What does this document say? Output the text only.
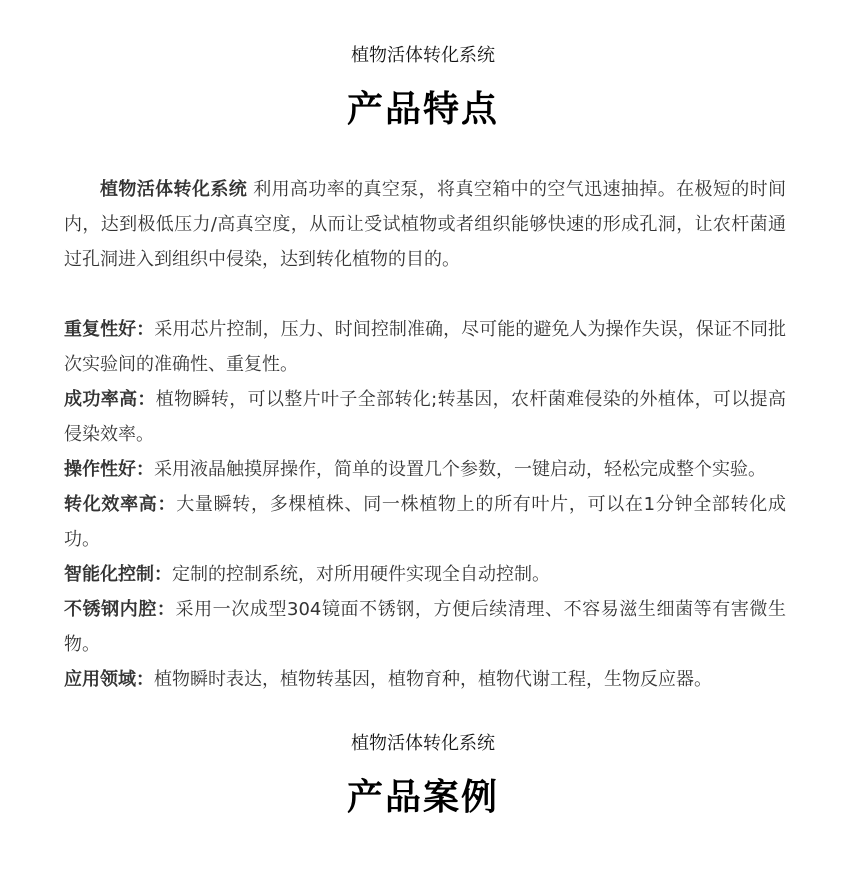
植物活体转化系统
产品特点

植物活体转化系统 利用高功率的真空泵，将真空箱中的空气迅速抽掉。在极短的时间内，达到极低压力/高真空度，从而让受试植物或者组织能够快速的形成孔洞，让农杆菌通过孔洞进入到组织中侵染，达到转化植物的目的。

重复性好：采用芯片控制，压力、时间控制准确，尽可能的避免人为操作失误，保证不同批次实验间的准确性、重复性。
成功率高：植物瞬转，可以整片叶子全部转化;转基因，农杆菌难侵染的外植体，可以提高侵染效率。
操作性好：采用液晶触摸屏操作，简单的设置几个参数，一键启动，轻松完成整个实验。
转化效率高：大量瞬转，多棵植株、同一株植物上的所有叶片，可以在1分钟全部转化成功。
智能化控制：定制的控制系统，对所用硬件实现全自动控制。
不锈钢内腔：采用一次成型304镜面不锈钢，方便后续清理、不容易滋生细菌等有害微生物。
应用领域：植物瞬时表达，植物转基因，植物育种，植物代谢工程，生物反应器。
植物活体转化系统
产品案例
